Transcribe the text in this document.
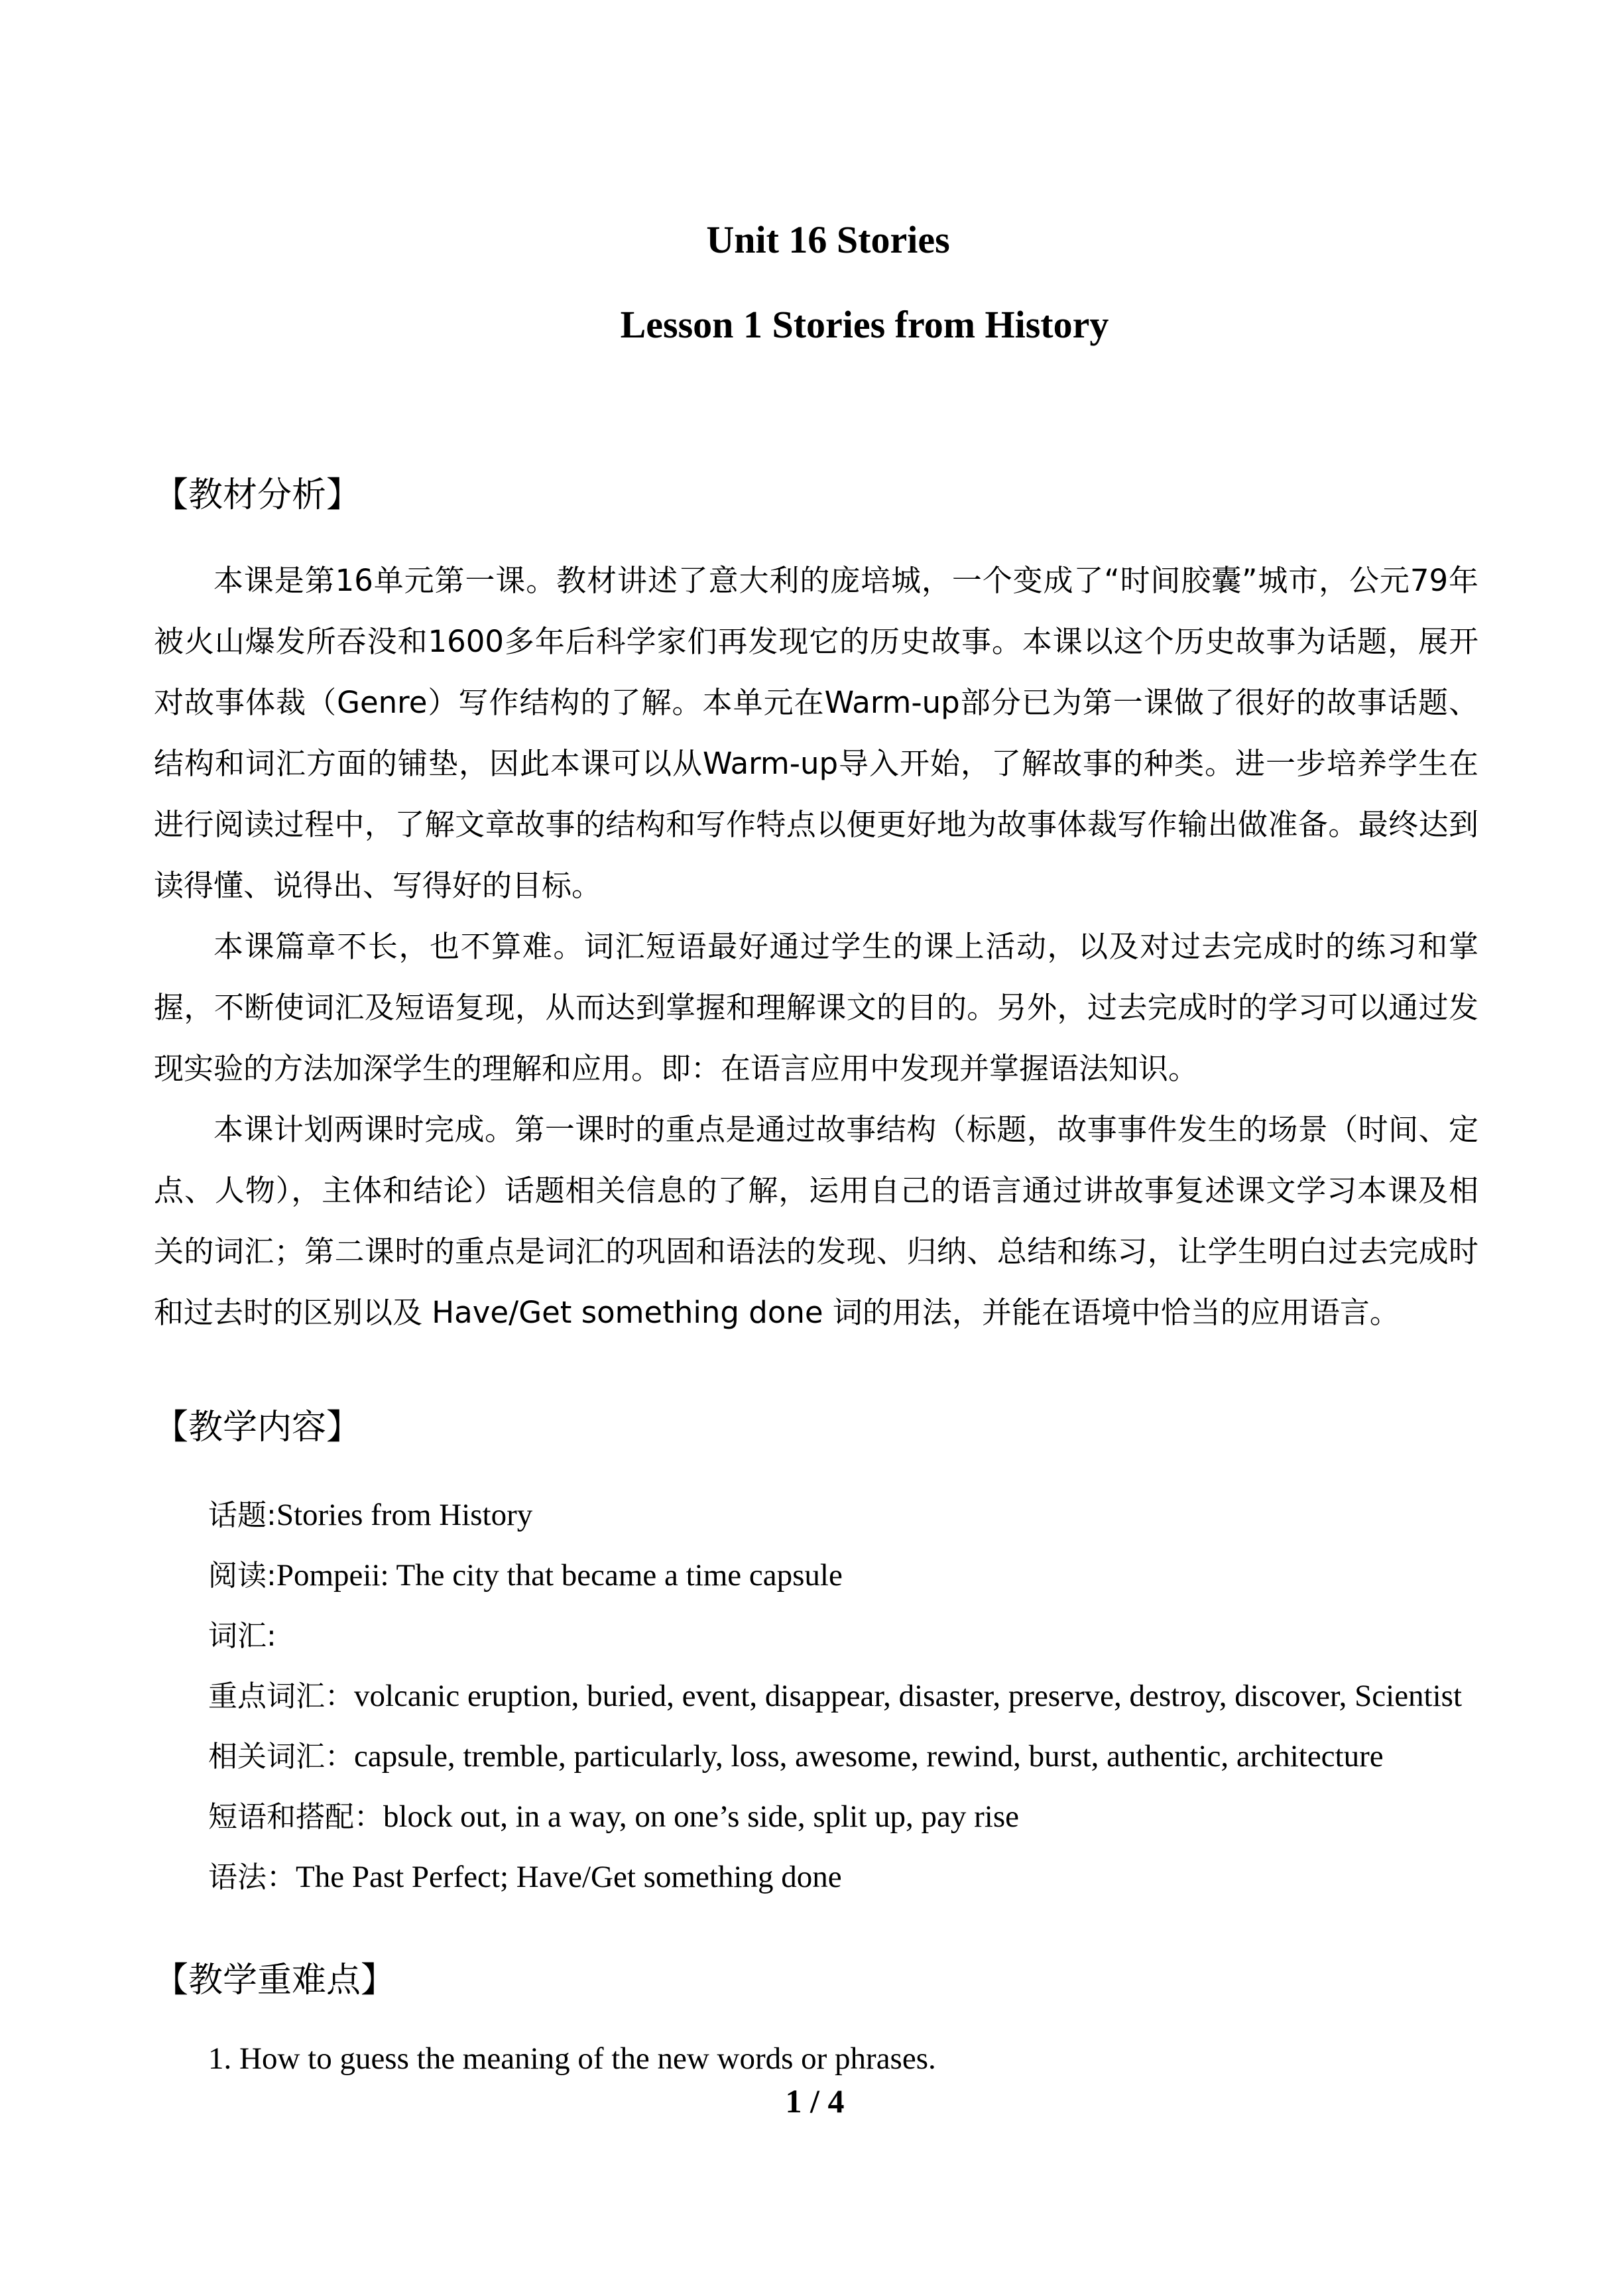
Unit 16 Stories
Lesson 1 Stories from History
【教材分析】

本课是第16单元第一课。教材讲述了意大利的庞培城，一个变成了“时间胶囊”城市，公元79年被火山爆发所吞没和1600多年后科学家们再发现它的历史故事。本课以这个历史故事为话题，展开对故事体裁（Genre）写作结构的了解。本单元在Warm-up部分已为第一课做了很好的故事话题、结构和词汇方面的铺垫，因此本课可以从Warm-up导入开始，了解故事的种类。进一步培养学生在进行阅读过程中，了解文章故事的结构和写作特点以便更好地为故事体裁写作输出做准备。最终达到读得懂、说得出、写得好的目标。

本课篇章不长，也不算难。词汇短语最好通过学生的课上活动，以及对过去完成时的练习和掌握，不断使词汇及短语复现，从而达到掌握和理解课文的目的。另外，过去完成时的学习可以通过发现实验的方法加深学生的理解和应用。即：在语言应用中发现并掌握语法知识。

本课计划两课时完成。第一课时的重点是通过故事结构（标题，故事事件发生的场景（时间、定点、人物），主体和结论）话题相关信息的了解，运用自己的语言通过讲故事复述课文学习本课及相关的词汇；第二课时的重点是词汇的巩固和语法的发现、归纳、总结和练习，让学生明白过去完成时和过去时的区别以及 Have/Get something done 词的用法，并能在语境中恰当的应用语言。

【教学内容】
话题: Stories from History
阅读: Pompeii: The city that became a time capsule
词汇:
重点词汇： volcanic eruption, buried, event, disappear, disaster, preserve, destroy, discover, Scientist
相关词汇： capsule, tremble, particularly, loss, awesome, rewind, burst, authentic, architecture
短语和搭配： block out, in a way, on one’s side, split up, pay rise
语法： The Past Perfect; Have/Get something done
【教学重难点】

1. How to guess the meaning of the new words or phrases.

1 / 4
